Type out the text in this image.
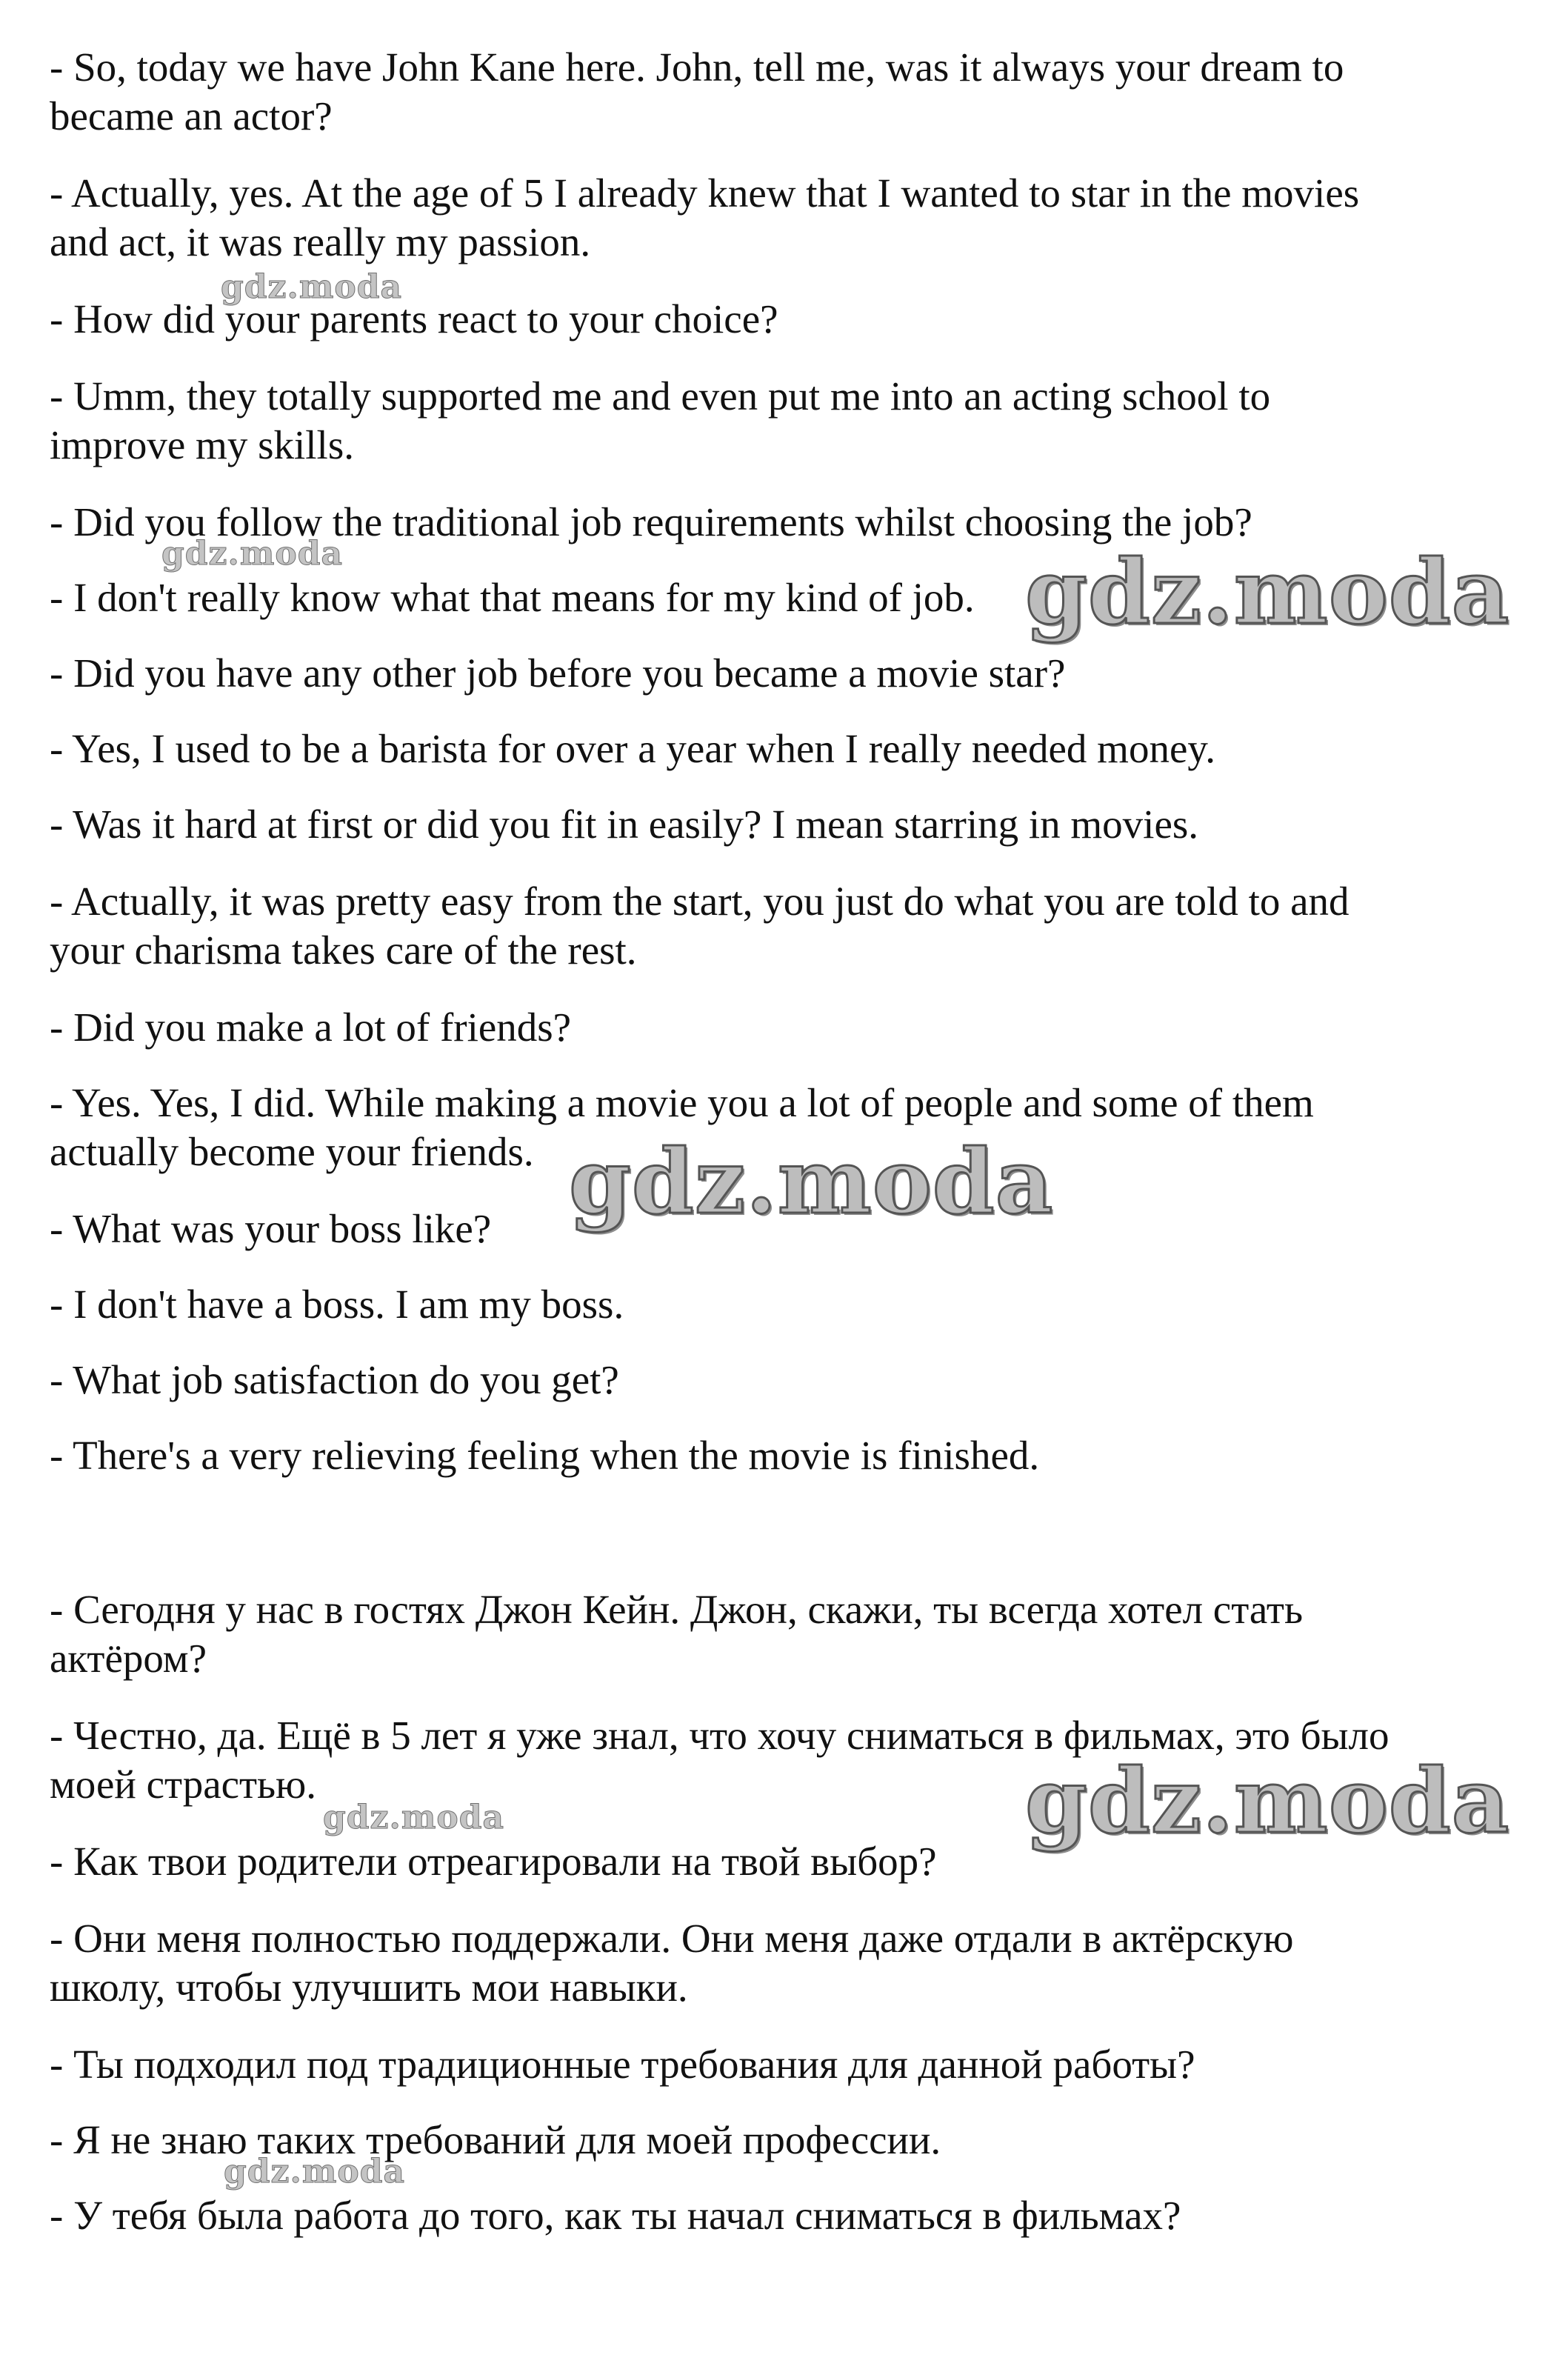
- So, today we have John Kane here. John, tell me, was it always your dream to

became an actor?

- Actually, yes. At the age of 5 I already knew that I wanted to star in the movies

and act, it was really my passion.

- How did your parents react to your choice?

- Umm, they totally supported me and even put me into an acting school to

improve my skills.

- Did you follow the traditional job requirements whilst choosing the job?

- I don't really know what that means for my kind of job.

- Did you have any other job before you became a movie star?

- Yes, I used to be a barista for over a year when I really needed money.

- Was it hard at first or did you fit in easily? I mean starring in movies.

- Actually, it was pretty easy from the start, you just do what you are told to and

your charisma takes care of the rest.

- Did you make a lot of friends?

- Yes. Yes, I did. While making a movie you a lot of people and some of them

actually become your friends.

- What was your boss like?

- I don't have a boss. I am my boss.

- What job satisfaction do you get?

- There's a very relieving feeling when the movie is finished.

- Сегодня у нас в гостях Джон Кейн. Джон, скажи, ты всегда хотел стать

актёром?

- Честно, да. Ещё в 5 лет я уже знал, что хочу сниматься в фильмах, это было

моей страстью.

- Как твои родители отреагировали на твой выбор?

- Они меня полностью поддержали. Они меня даже отдали в актёрскую

школу, чтобы улучшить мои навыки.

- Ты подходил под традиционные требования для данной работы?

- Я не знаю таких требований для моей профессии.

- У тебя была работа до того, как ты начал сниматься в фильмах?

gdz.moda
gdz.moda
gdz.moda
gdz.moda
gdz.moda
gdz.moda
gdz.moda
